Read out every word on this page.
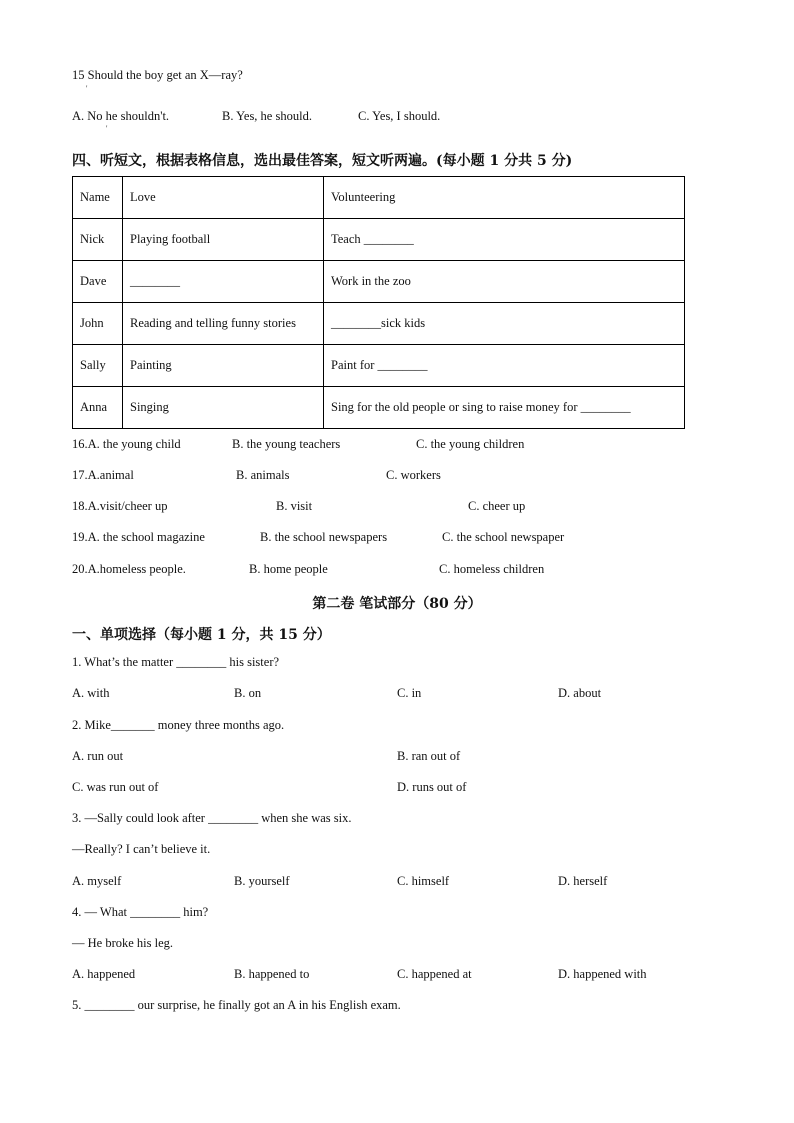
15 Should the boy get an X—ray?
'
A. No he shouldn't.
'
B. Yes, he should.	C. Yes, I should.
四、听短文，根据表格信息，选出最佳答案，短文听两遍。(每小题 1 分共 5 分)
Name	Love	Volunteering
Nick	Playing football	Teach ________
Dave	________	Work in the zoo
John	Reading and telling funny stories	________sick kids
Sally	Painting	Paint for ________
Anna	Singing	Sing for the old people or sing to raise money for ________
16.A. the young child	B. the young teachers	C. the young children
17.A.animal	B. animals	C. workers
18.A.visit/cheer up	B. visit	C. cheer up
19.A. the school magazine	B. the school newspapers	C. the school newspaper
20.A.homeless people.	B. home people	C. homeless children
第二卷 笔试部分（80 分）
一、单项选择（每小题 1 分，共 15 分）
1. What’s the matter ________ his sister?
A. with	B. on	C. in	D. about
2. Mike_______ money three months ago.
A. run out	B. ran out of
C. was run out of	D. runs out of
3. —Sally could look after ________ when she was six.
—Really? I can’t believe it.
A. myself	B. yourself	C. himself	D. herself
4. — What ________ him?
— He broke his leg.
A. happened	B. happened to	C. happened at	D. happened with
5. ________ our surprise, he finally got an A in his English exam.
